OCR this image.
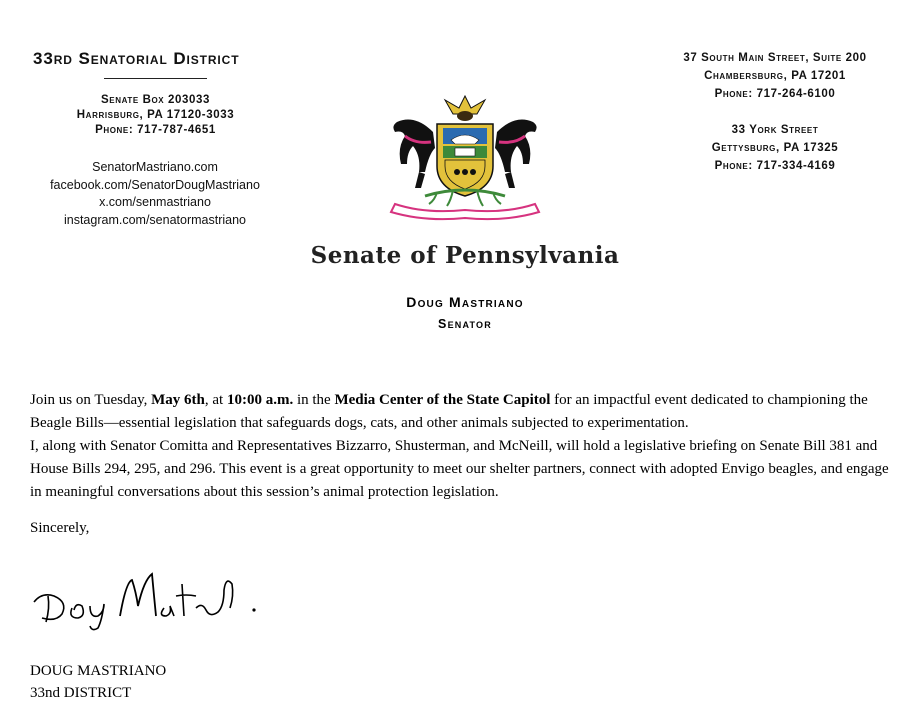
33rd Senatorial District
Senate Box 203033
Harrisburg, PA 17120-3033
Phone: 717-787-4651
SenatorMastriano.com
facebook.com/SenatorDougMastriano
x.com/senmastriano
instagram.com/senatormastriano
37 South Main Street, Suite 200
Chambersburg, PA 17201
Phone: 717-264-6100
33 York Street
Gettysburg, PA 17325
Phone: 717-334-4169
Senate of Pennsylvania
Doug Mastriano
Senator

Join us on Tuesday, May 6th, at 10:00 a.m. in the Media Center of the State Capitol for an impactful event dedicated to championing the Beagle Bills—essential legislation that safeguards dogs, cats, and other animals subjected to experimentation.

I, along with Senator Comitta and Representatives Bizzarro, Shusterman, and McNeill, will hold a legislative briefing on Senate Bill 381 and House Bills 294, 295, and 296. This event is a great opportunity to meet our shelter partners, connect with adopted Envigo beagles, and engage in meaningful conversations about this session’s animal protection legislation.

Sincerely,
DOUG MASTRIANO
33nd DISTRICT
